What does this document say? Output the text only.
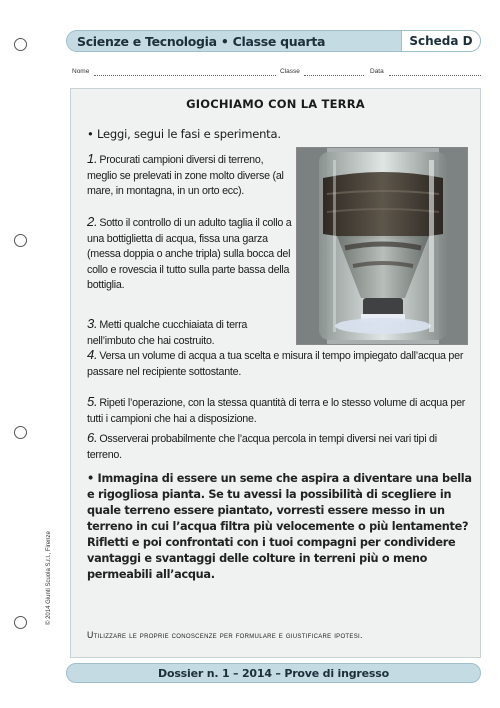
Scienze e Tecnologia • Classe quarta	Scheda D
Nome	Classe	Data
GIOCHIAMO CON LA TERRA
• Leggi, segui le fasi e sperimenta.
1. Procurati campioni diversi di terreno, meglio se prelevati in zone molto diverse (al mare, in montagna, in un orto ecc).
2. Sotto il controllo di un adulto taglia il collo a una bottiglietta di acqua, fissa una garza (messa doppia o anche tripla) sulla bocca del collo e rovescia il tutto sulla parte bassa della bottiglia.
3. Metti qualche cucchiaiata di terra nell’imbuto che hai costruito.
4. Versa un volume di acqua a tua scelta e misura il tempo impiegato dall’acqua per passare nel recipiente sottostante.
5. Ripeti l’operazione, con la stessa quantità di terra e lo stesso volume di acqua per tutti i campioni che hai a disposizione.
6. Osserverai probabilmente che l’acqua percola in tempi diversi nei vari tipi di terreno.
• Immagina di essere un seme che aspira a diventare una bella e rigogliosa pianta. Se tu avessi la possibilità di scegliere in quale terreno essere piantato, vorresti essere messo in un terreno in cui l’acqua filtra più velocemente o più lentamente?
Rifletti e poi confrontati con i tuoi compagni per condividere vantaggi e svantaggi delle colture in terreni più o meno permeabili all’acqua.
Utilizzare le proprie conoscenze per formulare e giustificare ipotesi.
© 2014 Giunti Scuola S.r.l., Firenze
Dossier n. 1 – 2014 – Prove di ingresso
